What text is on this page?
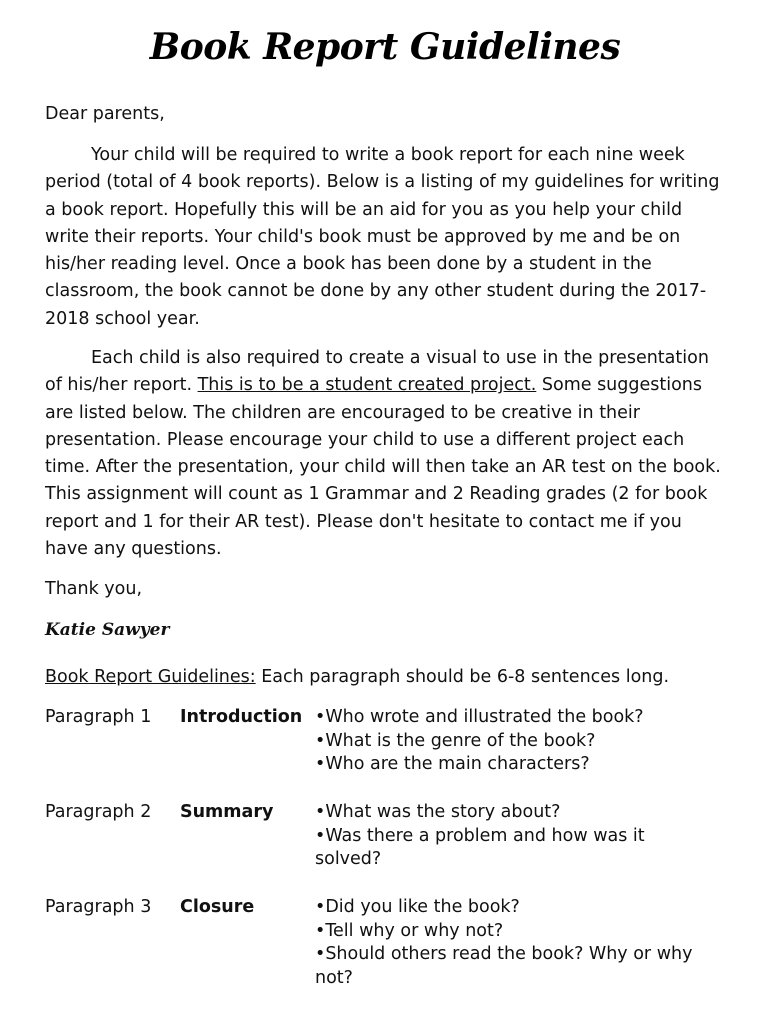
Book Report Guidelines
Dear parents,
Your child will be required to write a book report for each nine week period (total of 4 book reports). Below is a listing of my guidelines for writing a book report. Hopefully this will be an aid for you as you help your child write their reports. Your child's book must be approved by me and be on his/her reading level. Once a book has been done by a student in the classroom, the book cannot be done by any other student during the 2017-2018 school year.
Each child is also required to create a visual to use in the presentation of his/her report. This is to be a student created project. Some suggestions are listed below. The children are encouraged to be creative in their presentation. Please encourage your child to use a different project each time. After the presentation, your child will then take an AR test on the book. This assignment will count as 1 Grammar and 2 Reading grades (2 for book report and 1 for their AR test). Please don't hesitate to contact me if you have any questions.
Thank you,
Katie Sawyer
Book Report Guidelines: Each paragraph should be 6-8 sentences long.
Paragraph 1 Introduction •Who wrote and illustrated the book?
•What is the genre of the book?
•Who are the main characters?
Paragraph 2 Summary •What was the story about?
•Was there a problem and how was it solved?
Paragraph 3 Closure	•Did you like the book?
•Tell why or why not?
•Should others read the book? Why or why not?
